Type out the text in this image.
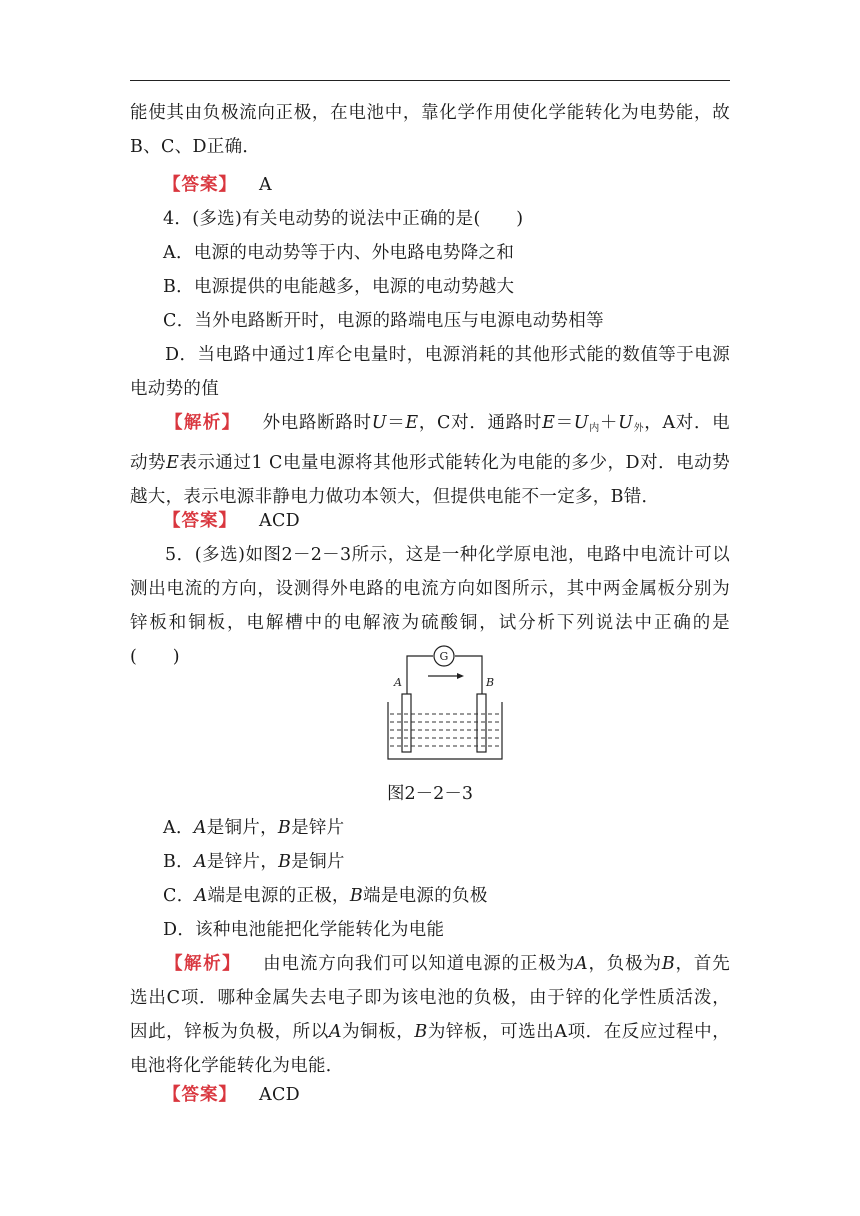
能使其由负极流向正极，在电池中，靠化学作用使化学能转化为电势能，故B、C、D正确．

【答案】 A
4．(多选)有关电动势的说法中正确的是(　　)
A．电源的电动势等于内、外电路电势降之和
B．电源提供的电能越多，电源的电动势越大
C．当外电路断开时，电源的路端电压与电源电动势相等

D．当电路中通过1库仑电量时，电源消耗的其他形式能的数值等于电源电动势的值

【解析】 外电路断路时U＝E，C对．通路时$E=U_内+U_外$，A对．电动势E表示通过1 C电量电源将其他形式能转化为电能的多少，D对．电动势越大，表示电源非静电力做功本领大，但提供电能不一定多，B错．

【答案】 ACD

5．(多选)如图2－2－3所示，这是一种化学原电池，电路中电流计可以测出电流的方向，设测得外电路的电流方向如图所示，其中两金属板分别为锌板和铜板，电解槽中的电解液为硫酸铜，试分析下列说法中正确的是(　　)	G
A	B
图2－2－3
A．A是铜片，B是锌片
B．A是锌片，B是铜片
C．A端是电源的正极，B端是电源的负极
D．该种电池能把化学能转化为电能

【解析】 由电流方向我们可以知道电源的正极为A，负极为B，首先选出C项．哪种金属失去电子即为该电池的负极，由于锌的化学性质活泼，因此，锌板为负极，所以A为铜板，B为锌板，可选出A项．在反应过程中，电池将化学能转化为电能．

【答案】 ACD
